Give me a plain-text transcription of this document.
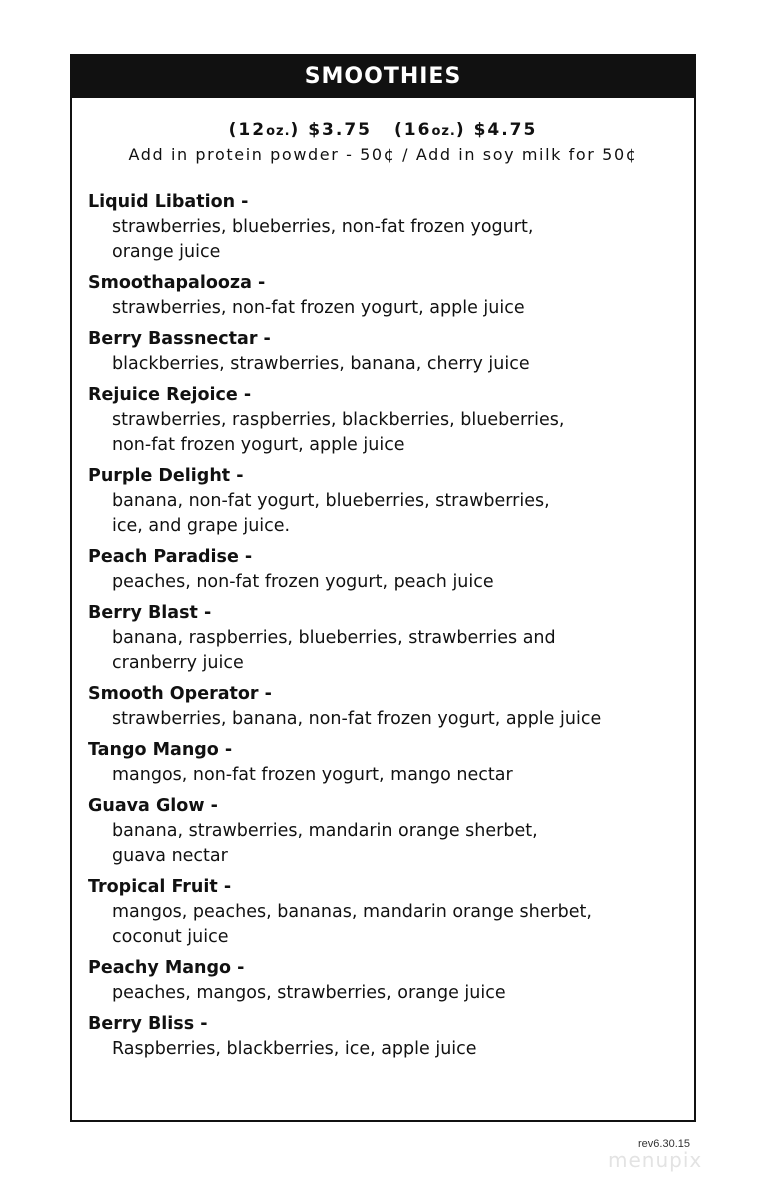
SMOOTHIES
(12oz.) $3.75 (16oz.) $4.75
Add in protein powder - 50¢ / Add in soy milk for 50¢
Liquid Libation -
strawberries, blueberries, non-fat frozen yogurt,
orange juice
Smoothapalooza -
strawberries, non-fat frozen yogurt, apple juice
Berry Bassnectar -
blackberries, strawberries, banana, cherry juice
Rejuice Rejoice -
strawberries, raspberries, blackberries, blueberries,
non-fat frozen yogurt, apple juice
Purple Delight -
banana, non-fat yogurt, blueberries, strawberries,
ice, and grape juice.
Peach Paradise -
peaches, non-fat frozen yogurt, peach juice
Berry Blast -
banana, raspberries, blueberries, strawberries and
cranberry juice
Smooth Operator -
strawberries, banana, non-fat frozen yogurt, apple juice
Tango Mango -
mangos, non-fat frozen yogurt, mango nectar
Guava Glow -
banana, strawberries, mandarin orange sherbet,
guava nectar
Tropical Fruit -
mangos, peaches, bananas, mandarin orange sherbet,
coconut juice
Peachy Mango -
peaches, mangos, strawberries, orange juice
Berry Bliss -
Raspberries, blackberries, ice, apple juice
menupix
rev6.30.15
